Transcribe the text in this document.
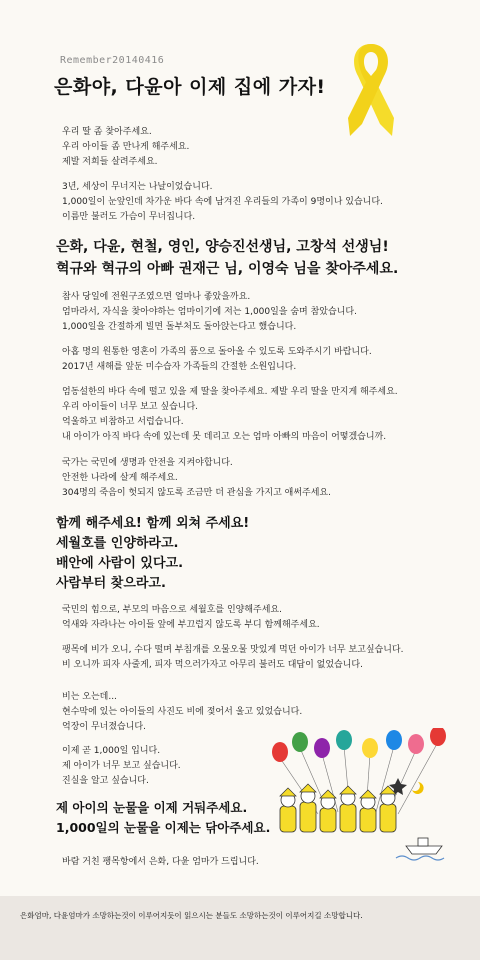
Remember20140416
은화야, 다윤아 이제 집에 가자!
우리 딸 좀 찾아주세요.
우리 아이들 좀 만나게 해주세요.
제발 저희들 살려주세요.
3년, 세상이 무너지는 나날이었습니다.
1,000일이 눈앞인데 차가운 바다 속에 남겨진 우리들의 가족이 9명이나 있습니다.
이름만 불러도 가슴이 무너집니다.
은화, 다윤, 현철, 영인, 양승진선생님, 고창석 선생님!
혁규와 혁규의 아빠 권재근 님, 이영숙 님을 찾아주세요.
참사 당일에 전원구조였으면 얼마나 좋았을까요.
엄마라서, 자식을 찾아야하는 엄마이기에 저는 1,000일을 숨며 참았습니다.
1,000일을 간절하게 빌면 돌부처도 돌아앉는다고 했습니다.
아홉 명의 원통한 영혼이 가족의 품으로 돌아올 수 있도록 도와주시기 바랍니다.
2017년 새해를 앞둔 미수습자 가족들의 간절한 소원입니다.
엄동설한의 바다 속에 떨고 있을 제 딸을 찾아주세요. 제발 우리 딸을 만지게 해주세요.
우리 아이들이 너무 보고 싶습니다.
억울하고 비참하고 서럽습니다.
내 아이가 아직 바다 속에 있는데 못 데리고 오는 엄마 아빠의 마음이 어떻겠습니까.
국가는 국민에 생명과 안전을 지켜야합니다.
안전한 나라에 살게 해주세요.
304명의 죽음이 헛되지 않도록 조금만 더 관심을 가지고 애써주세요.
함께 해주세요! 함께 외쳐 주세요!
세월호를 인양하라고.
배안에 사람이 있다고.
사람부터 찾으라고.
국민의 힘으로, 부모의 마음으로 세월호를 인양해주세요.
억새와 자라나는 아이들 앞에 부끄럽지 않도록 부디 함께해주세요.
팽목에 비가 오니, 수다 떨며 부침개를 오물오물 맛있게 먹던 아이가 너무 보고싶습니다.
비 오니까 피자 사줄게, 피자 먹으러가자고 아무리 불러도 대답이 없었습니다.
비는 오는데...
현수막에 있는 아이들의 사진도 비에 젖어서 울고 있었습니다.
억장이 무너졌습니다.
이제 곧 1,000일 입니다.
제 아이가 너무 보고 싶습니다.
진실을 알고 싶습니다.
제 아이의 눈물을 이제 거둬주세요.
1,000일의 눈물을 이제는 닦아주세요.
바람 거친 팽목항에서 은화, 다윤 엄마가 드립니다.

은화엄마, 다윤엄마가 소망하는것이 이루어지듯이 읽으시는 분들도 소망하는것이 이루어지길 소망합니다.
